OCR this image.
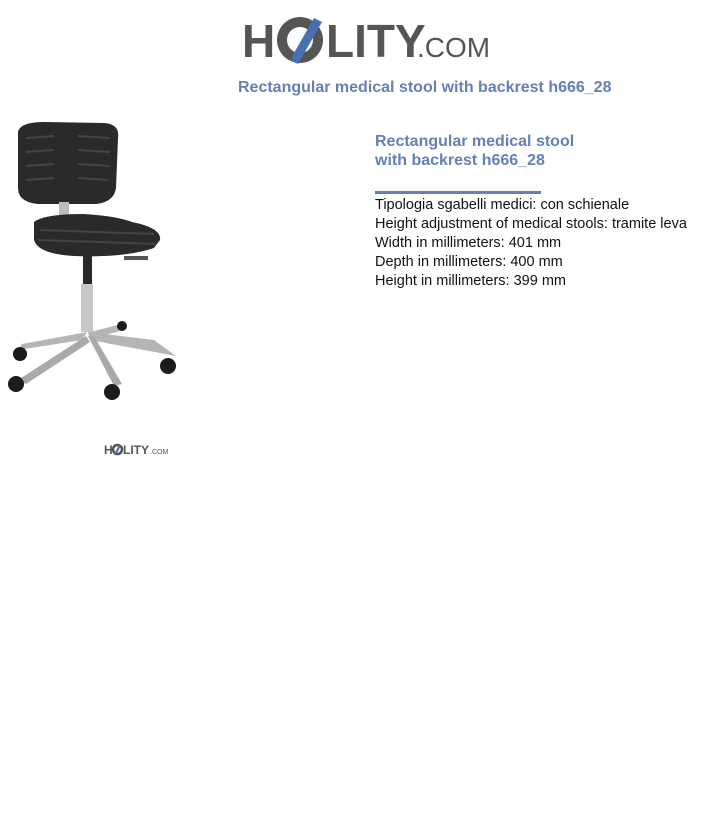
H LITY
.COM
Rectangular medical stool with backrest h666_28
H LITY .COM
Rectangular medical stool
with backrest h666_28
Tipologia sgabelli medici: con schienale
Height adjustment of medical stools: tramite leva
Width in millimeters: 401 mm
Depth in millimeters: 400 mm
Height in millimeters: 399 mm
